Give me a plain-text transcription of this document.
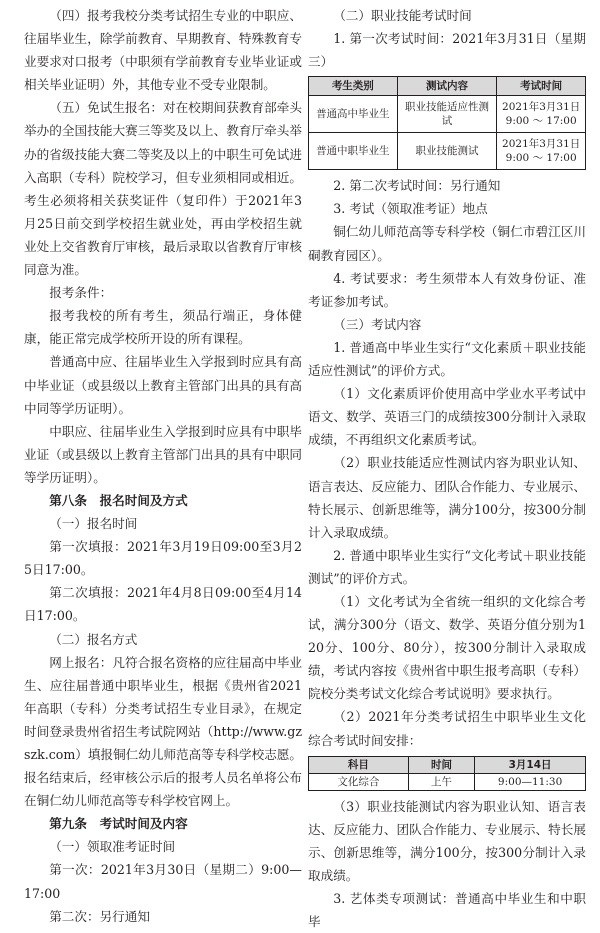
（四）报考我校分类考试招生专业的中职应、往届毕业生，除学前教育、早期教育、特殊教育专业要求对口报考（中职须有学前教育专业毕业证或相关毕业证明）外，其他专业不受专业限制。

（五）免试生报名：对在校期间获教育部牵头举办的全国技能大赛三等奖及以上、教育厅牵头举办的省级技能大赛二等奖及以上的中职生可免试进入高职（专科）院校学习，但专业须相同或相近。考生必须将相关获奖证件（复印件）于2021年3月25日前交到学校招生就业处，再由学校招生就业处上交省教育厅审核，最后录取以省教育厅审核同意为准。

报考条件：

报考我校的所有考生，须品行端正，身体健康，能正常完成学校所开设的所有课程。

普通高中应、往届毕业生入学报到时应具有高中毕业证（或县级以上教育主管部门出具的具有高中同等学历证明）。

中职应、往届毕业生入学报到时应具有中职毕业证（或县级以上教育主管部门出具的具有中职同等学历证明）。

第八条　报名时间及方式

（一）报名时间

第一次填报：2021年3月19日09:00至3月25日17:00。

第二次填报：2021年4月8日09:00至4月14日17:00。

（二）报名方式

网上报名：凡符合报名资格的应往届高中毕业生、应往届普通中职毕业生，根据《贵州省2021年高职（专科）分类考试招生专业目录》，在规定时间登录贵州省招生考试院网站（http://www.gzszk.com）填报铜仁幼儿师范高等专科学校志愿。报名结束后，经审核公示后的报考人员名单将公布在铜仁幼儿师范高等专科学校官网上。

第九条　考试时间及内容

（一）领取准考证时间

第一次：2021年3月30日（星期二）9:00—17:00

第二次：另行通知

（二）职业技能考试时间

1. 第一次考试时间：2021年3月31日（星期三）

考生类别	测试内容	考试时间
普通高中毕业生	职业技能适应性测试	2021年3月31日
9:00 ～ 17:00

普通中职毕业生	职业技能测试	2021年3月31日
9:00 ～ 17:00

2. 第二次考试时间：另行通知

3. 考试（领取准考证）地点

铜仁幼儿师范高等专科学校（铜仁市碧江区川硐教育园区）。

4. 考试要求：考生须带本人有效身份证、准考证参加考试。

（三）考试内容

1. 普通高中毕业生实行“文化素质＋职业技能适应性测试”的评价方式。

（1）文化素质评价使用高中学业水平考试中语文、数学、英语三门的成绩按300分制计入录取成绩，不再组织文化素质考试。

（2）职业技能适应性测试内容为职业认知、语言表达、反应能力、团队合作能力、专业展示、特长展示、创新思维等，满分100分，按300分制计入录取成绩。

2. 普通中职毕业生实行“文化考试＋职业技能测试”的评价方式。

（1）文化考试为全省统一组织的文化综合考试，满分300分（语文、数学、英语分值分别为120分、100分、80分），按300分制计入录取成绩，考试内容按《贵州省中职生报考高职（专科）院校分类考试文化综合考试说明》要求执行。

（2）2021年分类考试招生中职毕业生文化综合考试时间安排：

科目	时间	3月14日
文化综合	上午	9:00—11:30

（3）职业技能测试内容为职业认知、语言表达、反应能力、团队合作能力、专业展示、特长展示、创新思维等，满分100分，按300分制计入录取成绩。

3. 艺体类专项测试：普通高中毕业生和中职毕
